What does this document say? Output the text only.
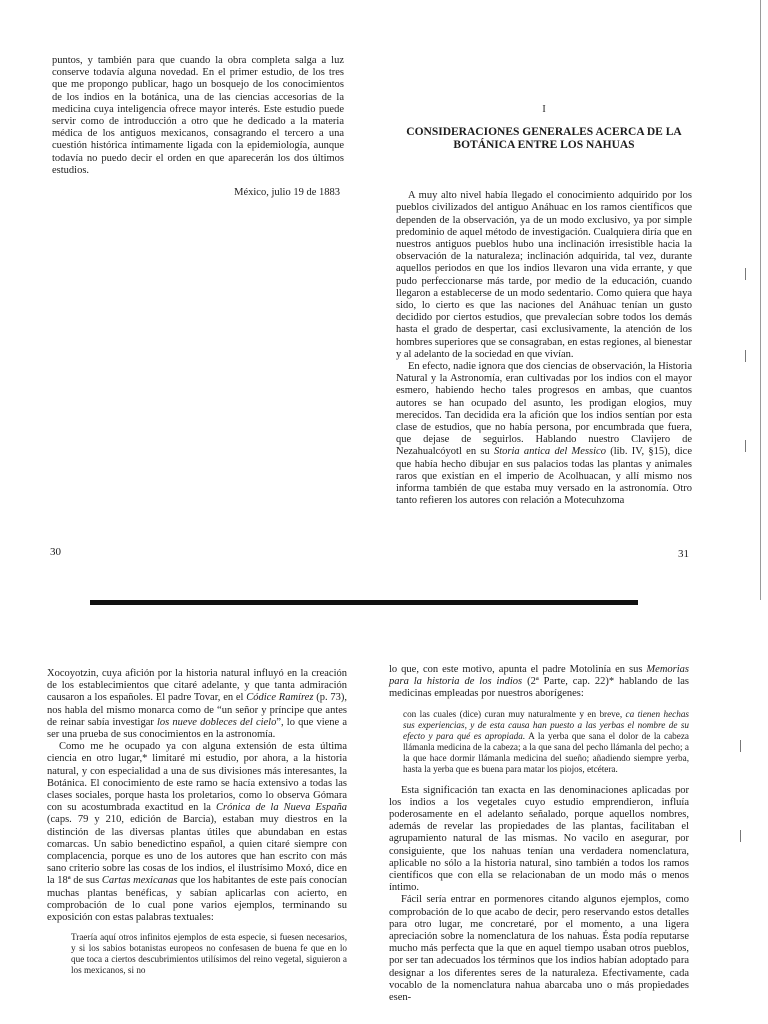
puntos, y también para que cuando la obra completa salga a luz conserve todavía alguna novedad. En el primer estudio, de los tres que me propongo publicar, hago un bosquejo de los conocimientos de los indios en la botánica, una de las ciencias accesorias de la medicina cuya inteligencia ofrece mayor interés. Este estudio puede servir como de introducción a otro que he dedicado a la materia médica de los antiguos mexicanos, consagrando el tercero a una cuestión histórica íntimamente ligada con la epidemiología, aunque todavía no puedo decir el orden en que aparecerán los dos últimos estudios.

México, julio 19 de 1883

30
I
CONSIDERACIONES GENERALES ACERCA DE LA BOTÁNICA ENTRE LOS NAHUAS

A muy alto nivel había llegado el conocimiento adquirido por los pueblos civilizados del antiguo Anáhuac en los ramos científicos que dependen de la observación, ya de un modo exclusivo, ya por simple predominio de aquel método de investigación. Cualquiera diría que en nuestros antiguos pueblos hubo una inclinación irresistible hacia la observación de la naturaleza; inclinación adquirida, tal vez, durante aquellos periodos en que los indios llevaron una vida errante, y que pudo perfeccionarse más tarde, por medio de la educación, cuando llegaron a establecerse de un modo sedentario. Como quiera que haya sido, lo cierto es que las naciones del Anáhuac tenían un gusto decidido por ciertos estudios, que prevalecían sobre todos los demás hasta el grado de despertar, casi exclusivamente, la atención de los hombres superiores que se consagraban, en estas regiones, al bienestar y al adelanto de la sociedad en que vivían.

En efecto, nadie ignora que dos ciencias de observación, la Historia Natural y la Astronomía, eran cultivadas por los indios con el mayor esmero, habiendo hecho tales progresos en ambas, que cuantos autores se han ocupado del asunto, les prodigan elogios, muy merecidos. Tan decidida era la afición que los indios sentían por esta clase de estudios, que no había persona, por encumbrada que fuera, que dejase de seguirlos. Hablando nuestro Clavijero de Nezahualcóyotl en su Storia antica del Messico (lib. IV, §15), dice que había hecho dibujar en sus palacios todas las plantas y animales raros que existían en el imperio de Acolhuacan, y allí mismo nos informa también de que estaba muy versado en la astronomía. Otro tanto refieren los autores con relación a Motecuhzoma

31

Xocoyotzin, cuya afición por la historia natural influyó en la creación de los establecimientos que citaré adelante, y que tanta admiración causaron a los españoles. El padre Tovar, en el Códice Ramírez (p. 73), nos habla del mismo monarca como de “un señor y príncipe que antes de reinar sabía investigar los nueve dobleces del cielo”, lo que viene a ser una prueba de sus conocimientos en la astronomía.

Como me he ocupado ya con alguna extensión de esta última ciencia en otro lugar,* limitaré mi estudio, por ahora, a la historia natural, y con especialidad a una de sus divisiones más interesantes, la Botánica. El conocimiento de este ramo se hacía extensivo a todas las clases sociales, porque hasta los proletarios, como lo observa Gómara con su acostumbrada exactitud en la Crónica de la Nueva España (caps. 79 y 210, edición de Barcia), estaban muy diestros en la distinción de las diversas plantas útiles que abundaban en estas comarcas. Un sabio benedictino español, a quien citaré siempre con complacencia, porque es uno de los autores que han escrito con más sano criterio sobre las cosas de los indios, el ilustrísimo Moxó, dice en la 18ª de sus Cartas mexicanas que los habitantes de este país conocían muchas plantas benéficas, y sabían aplicarlas con acierto, en comprobación de lo cual pone varios ejemplos, terminando su exposición con estas palabras textuales:

Traería aquí otros infinitos ejemplos de esta especie, si fuesen necesarios, y si los sabios botanistas europeos no confesasen de buena fe que en lo que toca a ciertos descubrimientos utilísimos del reino vegetal, siguieron a los mexicanos, si no

lo que, con este motivo, apunta el padre Motolinía en sus Memorias para la historia de los indios (2ª Parte, cap. 22)* hablando de las medicinas empleadas por nuestros aborígenes:

con las cuales (dice) curan muy naturalmente y en breve, ca tienen hechas sus experiencias, y de esta causa han puesto a las yerbas el nombre de su efecto y para qué es apropiada. A la yerba que sana el dolor de la cabeza llámanla medicina de la cabeza; a la que sana del pecho llámanla del pecho; a la que hace dormir llámanla medicina del sueño; añadiendo siempre yerba, hasta la yerba que es buena para matar los piojos, etcétera.

Esta significación tan exacta en las denominaciones aplicadas por los indios a los vegetales cuyo estudio emprendieron, influía poderosamente en el adelanto señalado, porque aquellos nombres, además de revelar las propiedades de las plantas, facilitaban el agrupamiento natural de las mismas. No vacilo en asegurar, por consiguiente, que los nahuas tenían una verdadera nomenclatura, aplicable no sólo a la historia natural, sino también a todos los ramos científicos que con ella se relacionaban de un modo más o menos íntimo.

Fácil sería entrar en pormenores citando algunos ejemplos, como comprobación de lo que acabo de decir, pero reservando estos detalles para otro lugar, me concretaré, por el momento, a una ligera apreciación sobre la nomenclatura de los nahuas. Ésta podía reputarse mucho más perfecta que la que en aquel tiempo usaban otros pueblos, por ser tan adecuados los términos que los indios habían adoptado para designar a los diferentes seres de la naturaleza. Efectivamente, cada vocablo de la nomenclatura nahua abarcaba uno o más propiedades esen-
